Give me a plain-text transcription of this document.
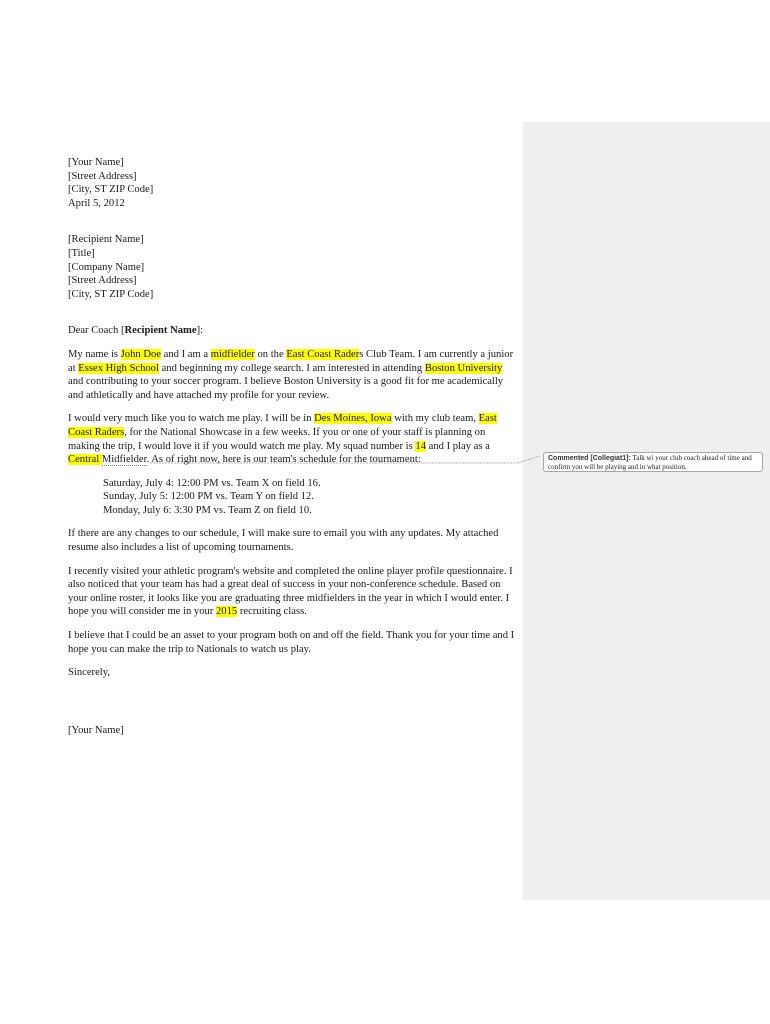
[Your Name]
[Street Address]
[City, ST ZIP Code]
April 5, 2012
[Recipient Name]
[Title]
[Company Name]
[Street Address]
[City, ST ZIP Code]
Dear Coach [Recipient Name]:
My name is John Doe and I am a midfielder on the East Coast Raders Club Team. I am currently a junior
at Essex High School and beginning my college search. I am interested in attending Boston University
and contributing to your soccer program. I believe Boston University is a good fit for me academically
and athletically and have attached my profile for your review.
I would very much like you to watch me play. I will be in Des Moines, Iowa with my club team, East
Coast Raders, for the National Showcase in a few weeks. If you or one of your staff is planning on
making the trip, I would love it if you would watch me play. My squad number is 14 and I play as a
Central Midfielder. As of right now, here is our team's schedule for the tournament:
Saturday, July 4: 12:00 PM vs. Team X on field 16.
Sunday, July 5: 12:00 PM vs. Team Y on field 12.
Monday, July 6: 3:30 PM vs. Team Z on field 10.
If there are any changes to our schedule, I will make sure to email you with any updates. My attached
resume also includes a list of upcoming tournaments.
I recently visited your athletic program's website and completed the online player profile questionnaire. I
also noticed that your team has had a great deal of success in your non-conference schedule. Based on
your online roster, it looks like you are graduating three midfielders in the year in which I would enter. I
hope you will consider me in your 2015 recruiting class.
I believe that I could be an asset to your program both on and off the field. Thank you for your time and I
hope you can make the trip to Nationals to watch us play.
Sincerely,
[Your Name]
Commented [Collegiat1]: Talk wi your club coach ahead of time and confirm you will be playing and in what position.
